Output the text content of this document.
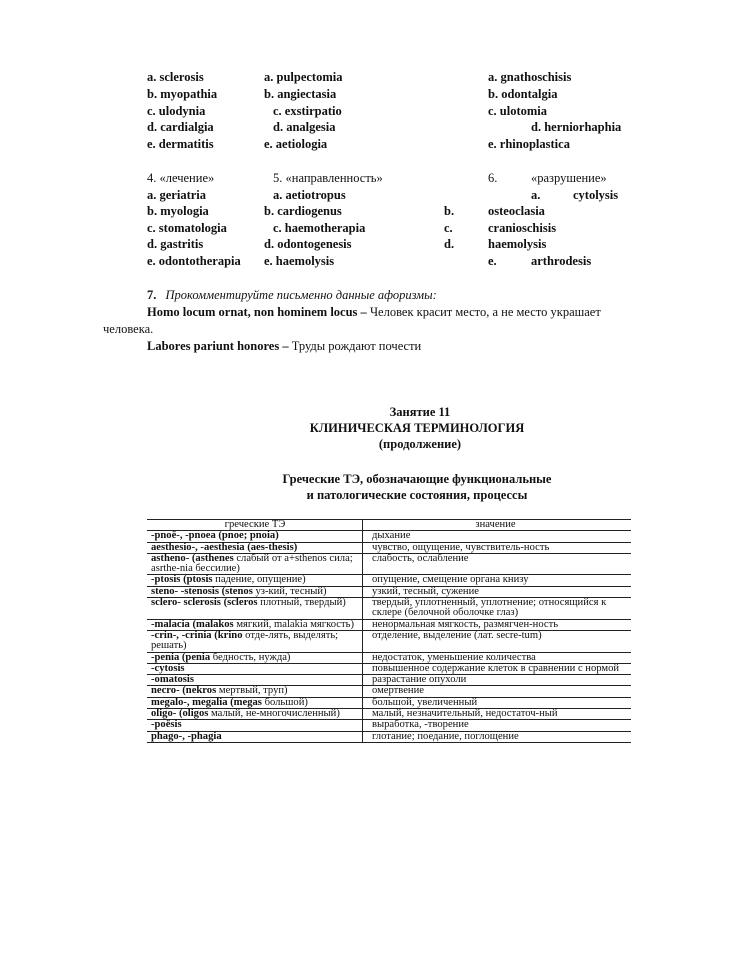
a. sclerosis
b. myopathia
c. ulodynia
d. cardialgia
e. dermatitis
a. pulpectomia
b. angiectasia
c. exstirpatio
d. analgesia
e. aetiologia
a. gnathoschisis
b. odontalgia
c. ulotomia
d. herniorhaphia
e. rhinoplastica
4. «лечение»	5. «направленность»	6.	«разрушение»
a. geriatria
b. myologia
c. stomatologia
d. gastritis
e. odontotherapia
a. aetiotropus
b. cardiogenus
c. haemotherapia
d. odontogenesis
e. haemolysis
a.	cytolysis
b.	osteoclasia
c.	cranioschisis
d.	haemolysis
e.	arthrodesis
7. Прокомментируйте письменно данные афоризмы:
Homo locum ornat, non hominem locus – Человек красит место, а не место украшает
человека.
Labores pariunt honores – Труды рождают почести
Занятие 11
КЛИНИЧЕСКАЯ ТЕРМИНОЛОГИЯ
(продолжение)
Греческие ТЭ, обозначающие функциональные
и патологические состояния, процессы
греческие ТЭ	значение
-pnoё-, -pnoea (pnoe; pnoia)	дыхание
aesthesio-, -aesthesia (aes-thesis)	чувство, ощущение, чувствитель-ность
astheno- (asthenes слабый от a+sthenos сила; asrthe-nia бессилие)	слабость, ослабление
-ptosis (ptosis падение, опущение)	опущение, смещение органа книзу
steno- -stenosis (stenos уз-кий, тесный)	узкий, тесный, сужение
sclero- sclerosis (scleros плотный, твердый)	твердый, уплотненный, уплотнение; относящийся к склере (белочной оболочке глаз)
-malacia (malakos мягкий, malakia мягкость)	ненормальная мягкость, размягчен-ность
-crin-, -crinia (krino отде-лять, выделять; решать)	отделение, выделение (лат. secre-tum)
-penia (penia бедность, нужда)	недостаток, уменьшение количества
-cytosis	повышенное содержание клеток в сравнении с нормой
-omatosis	разрастание опухоли
necro- (nekros мертвый, труп)	омертвение
megalo-, megalia (megas большой)	большой, увеличенный
oligo- (oligos малый, не-многочисленный)	малый, незначительный, недостаточ-ный
-poёsis	выработка, -творение
phago-, -phagia	глотание; поедание, поглощение
